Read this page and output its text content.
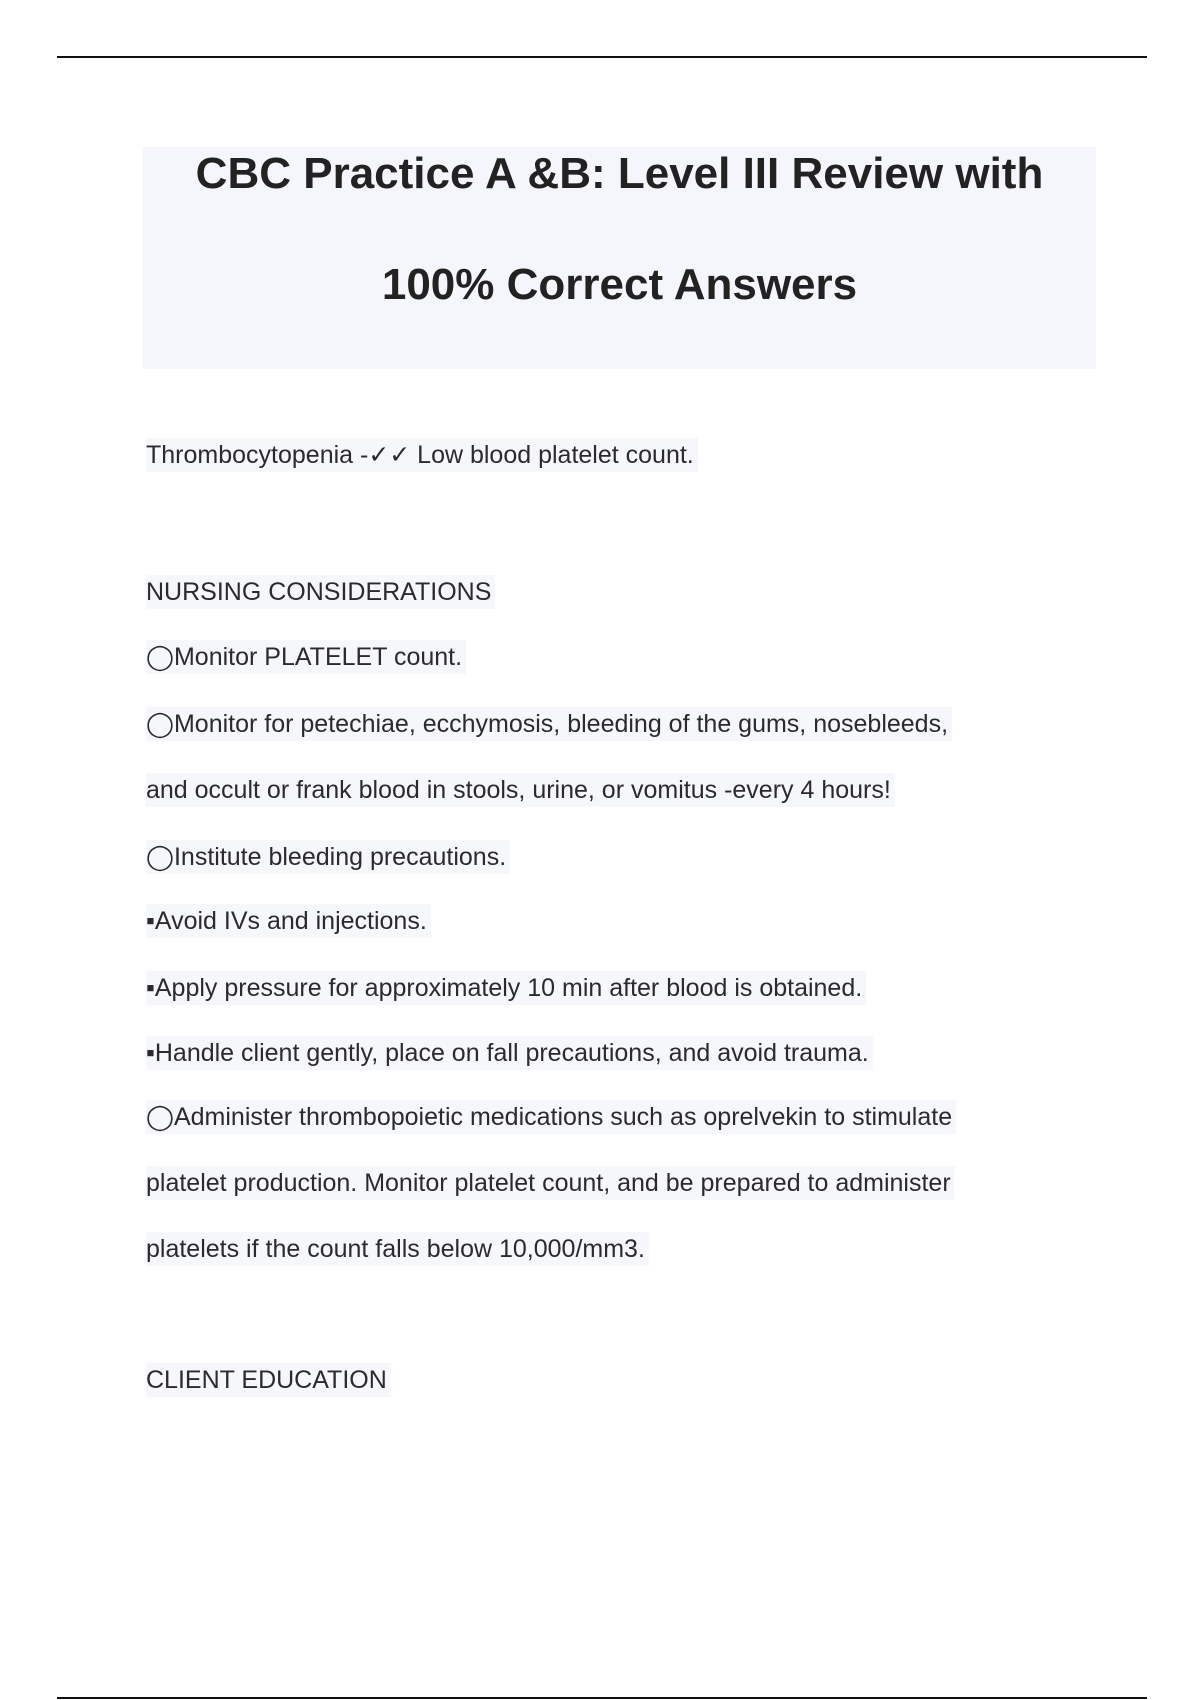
CBC Practice A &B: Level III Review with
100% Correct Answers
Thrombocytopenia -✓✓ Low blood platelet count.
NURSING CONSIDERATIONS
◯Monitor PLATELET count.
◯Monitor for petechiae, ecchymosis, bleeding of the gums, nosebleeds,
and occult or frank blood in stools, urine, or vomitus -every 4 hours!
◯Institute bleeding precautions.
▪Avoid IVs and injections.
▪Apply pressure for approximately 10 min after blood is obtained.
▪Handle client gently, place on fall precautions, and avoid trauma.
◯Administer thrombopoietic medications such as oprelvekin to stimulate
platelet production. Monitor platelet count, and be prepared to administer
platelets if the count falls below 10,000/mm3.
CLIENT EDUCATION
